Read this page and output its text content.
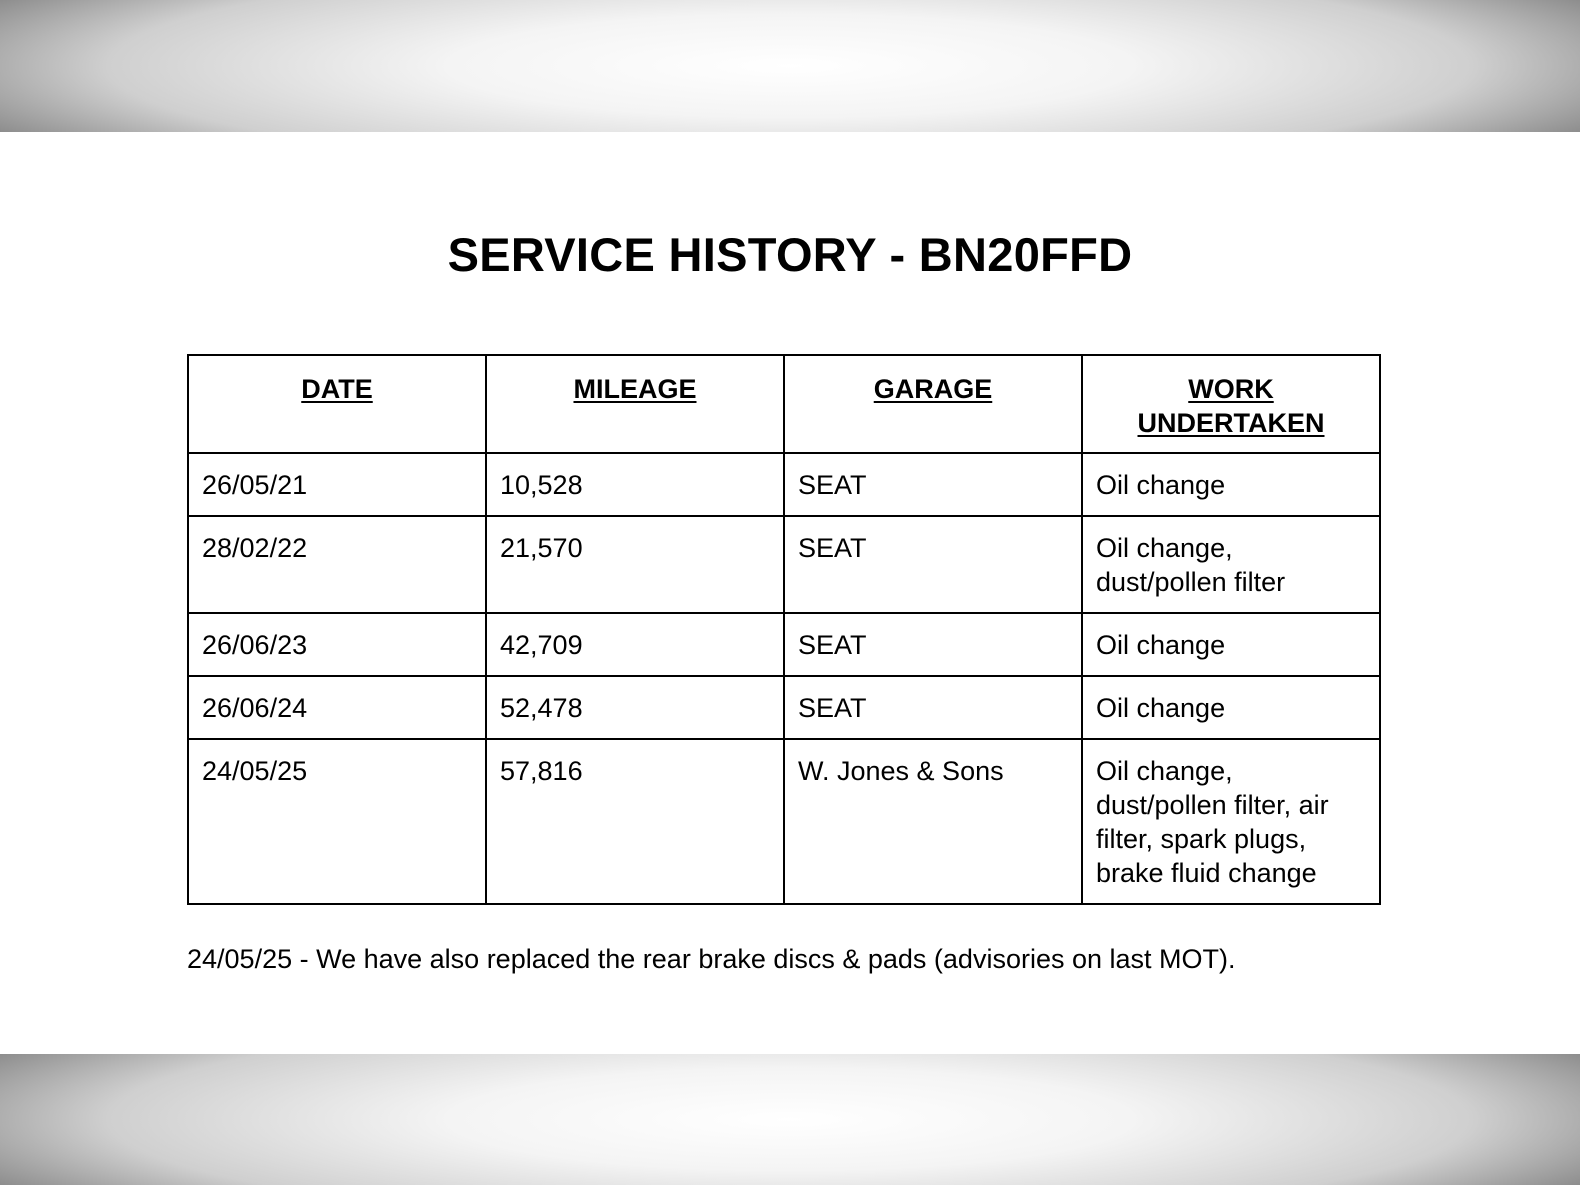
SERVICE HISTORY - BN20FFD
DATE	MILEAGE	GARAGE	WORK UNDERTAKEN
26/05/21	10,528	SEAT	Oil change
28/02/22	21,570	SEAT	Oil change, dust/pollen filter
26/06/23	42,709	SEAT	Oil change
26/06/24	52,478	SEAT	Oil change
24/05/25	57,816	W. Jones & Sons	Oil change, dust/pollen filter, air filter, spark plugs, brake fluid change

24/05/25 - We have also replaced the rear brake discs & pads (advisories on last MOT).
